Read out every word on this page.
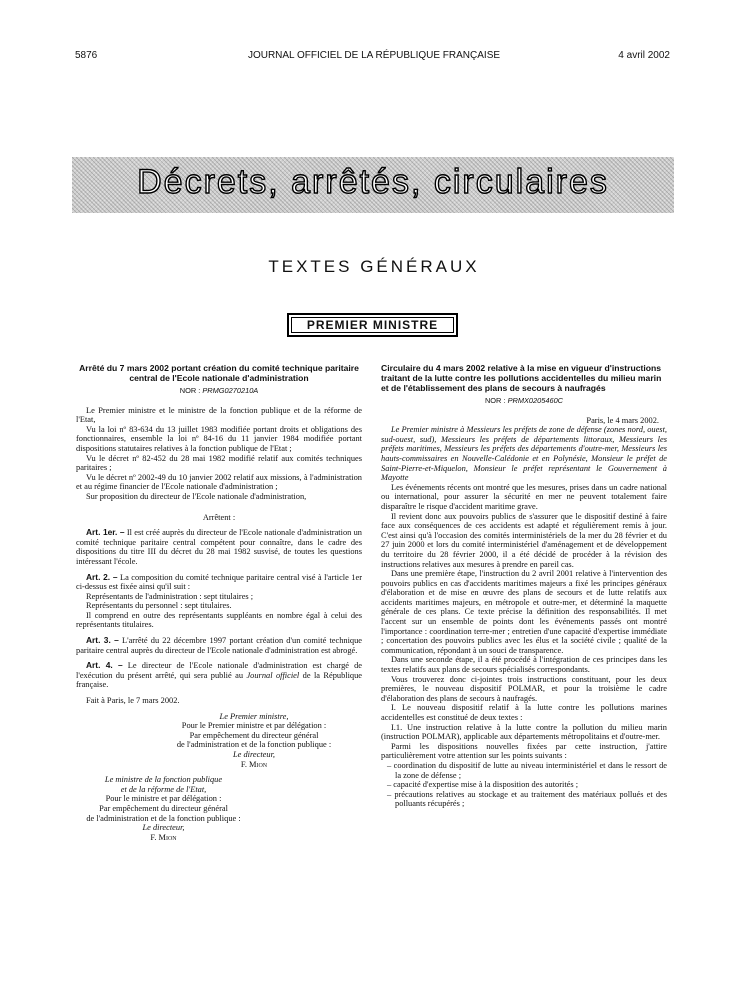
5876	JOURNAL OFFICIEL DE LA RÉPUBLIQUE FRANÇAISE	4 avril 2002
Décrets, arrêtés, circulaires
TEXTES GÉNÉRAUX
PREMIER MINISTRE
Arrêté du 7 mars 2002 portant création du comité technique paritaire central de l'Ecole nationale d'administration
NOR : PRMG0270210A

Le Premier ministre et le ministre de la fonction publique et de la réforme de l'Etat,

Vu la loi nº 83-634 du 13 juillet 1983 modifiée portant droits et obligations des fonctionnaires, ensemble la loi nº 84-16 du 11 janvier 1984 modifiée portant dispositions statutaires relatives à la fonction publique de l'Etat ;

Vu le décret nº 82-452 du 28 mai 1982 modifié relatif aux comités techniques paritaires ;

Vu le décret nº 2002-49 du 10 janvier 2002 relatif aux missions, à l'administration et au régime financier de l'Ecole nationale d'administration ;

Sur proposition du directeur de l'Ecole nationale d'administration,

Arrêtent :

Art. 1er. – Il est créé auprès du directeur de l'Ecole nationale d'administration un comité technique paritaire central compétent pour connaître, dans le cadre des dispositions du titre III du décret du 28 mai 1982 susvisé, de toutes les questions intéressant l'école.

Art. 2. – La composition du comité technique paritaire central visé à l'article 1er ci-dessus est fixée ainsi qu'il suit :

Représentants de l'administration : sept titulaires ;

Représentants du personnel : sept titulaires.

Il comprend en outre des représentants suppléants en nombre égal à celui des représentants titulaires.

Art. 3. – L'arrêté du 22 décembre 1997 portant création d'un comité technique paritaire central auprès du directeur de l'Ecole nationale d'administration est abrogé.

Art. 4. – Le directeur de l'Ecole nationale d'administration est chargé de l'exécution du présent arrêté, qui sera publié au Journal officiel de la République française.

Fait à Paris, le 7 mars 2002.

Le Premier ministre,

Pour le Premier ministre et par délégation :

Par empêchement du directeur général

de l'administration et de la fonction publique :

Le directeur,

F. Mion

Le ministre de la fonction publique

et de la réforme de l'Etat,

Pour le ministre et par délégation :

Par empêchement du directeur général

de l'administration et de la fonction publique :

Le directeur,

F. Mion

Circulaire du 4 mars 2002 relative à la mise en vigueur d'instructions traitant de la lutte contre les pollutions accidentelles du milieu marin et de l'établissement des plans de secours à naufragés
NOR : PRMX0205460C

Paris, le 4 mars 2002.

Le Premier ministre à Messieurs les préfets de zone de défense (zones nord, ouest, sud-ouest, sud), Messieurs les préfets de départements littoraux, Messieurs les préfets maritimes, Messieurs les préfets des départements d'outre-mer, Messieurs les hauts-commissaires en Nouvelle-Calédonie et en Polynésie, Monsieur le préfet de Saint-Pierre-et-Miquelon, Monsieur le préfet représentant le Gouvernement à Mayotte

Les événements récents ont montré que les mesures, prises dans un cadre national ou international, pour assurer la sécurité en mer ne peuvent totalement faire disparaître le risque d'accident maritime grave.

Il revient donc aux pouvoirs publics de s'assurer que le dispositif destiné à faire face aux conséquences de ces accidents est adapté et régulièrement remis à jour. C'est ainsi qu'à l'occasion des comités interministériels de la mer du 28 février et du 27 juin 2000 et lors du comité interministériel d'aménagement et de développement du territoire du 28 février 2000, il a été décidé de procéder à la révision des instructions relatives aux mesures à prendre en pareil cas.

Dans une première étape, l'instruction du 2 avril 2001 relative à l'intervention des pouvoirs publics en cas d'accidents maritimes majeurs a fixé les principes généraux d'élaboration et de mise en œuvre des plans de secours et de lutte relatifs aux accidents maritimes majeurs, en métropole et outre-mer, et déterminé la maquette générale de ces plans. Ce texte précise la définition des responsabilités. Il met l'accent sur un ensemble de points dont les événements passés ont montré l'importance : coordination terre-mer ; entretien d'une capacité d'expertise immédiate ; concertation des pouvoirs publics avec les élus et la société civile ; qualité de la communication, répondant à un souci de transparence.

Dans une seconde étape, il a été procédé à l'intégration de ces principes dans les textes relatifs aux plans de secours spécialisés correspondants.

Vous trouverez donc ci-jointes trois instructions constituant, pour les deux premières, le nouveau dispositif POLMAR, et pour la troisième le cadre d'élaboration des plans de secours à naufragés.

I. Le nouveau dispositif relatif à la lutte contre les pollutions marines accidentelles est constitué de deux textes :

I.1. Une instruction relative à la lutte contre la pollution du milieu marin (instruction POLMAR), applicable aux départements métropolitains et d'outre-mer.

Parmi les dispositions nouvelles fixées par cette instruction, j'attire particulièrement votre attention sur les points suivants :

– coordination du dispositif de lutte au niveau interministériel et dans le ressort de la zone de défense ;

– capacité d'expertise mise à la disposition des autorités ;

– précautions relatives au stockage et au traitement des matériaux pollués et des polluants récupérés ;
